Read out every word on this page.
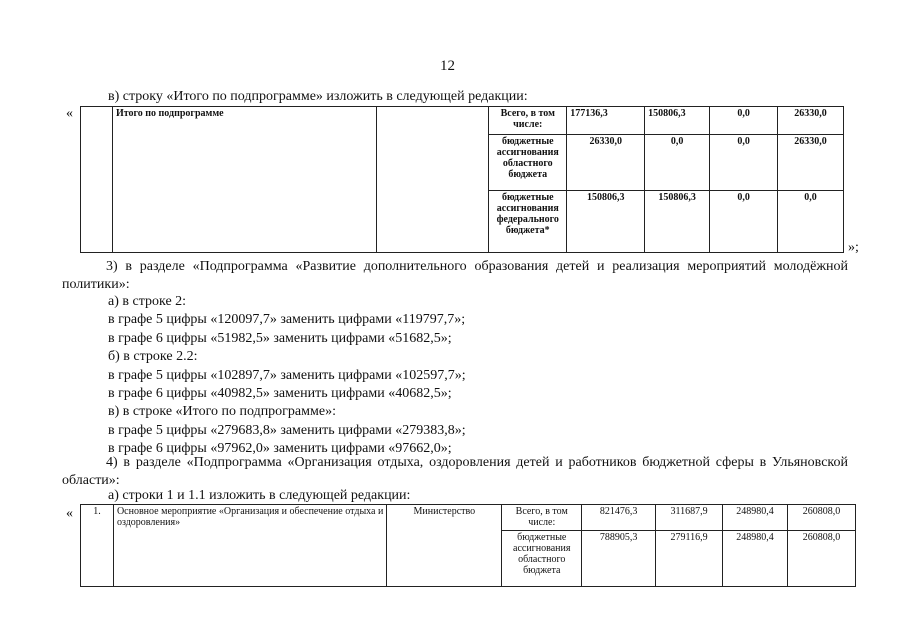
12
в) строку «Итого по подпрограмме» изложить в следующей редакции:
«
		Итого по подпрограмме		Всего, в том числе:	177136,3	150806,3	0,0	26330,0
			бюджетные ассигнования областного бюджета	26330,0	0,0	0,0	26330,0
			бюджетные ассигнования федерального бюджета*	150806,3	150806,3	0,0	0,0
»;
3) в разделе «Подпрограмма «Развитие дополнительного образования детей и реализация мероприятий молодёжной политики»:
а) в строке 2:
в графе 5 цифры «120097,7» заменить цифрами «119797,7»;
в графе 6 цифры «51982,5» заменить цифрами «51682,5»;
б) в строке 2.2:
в графе 5 цифры «102897,7» заменить цифрами «102597,7»;
в графе 6 цифры «40982,5» заменить цифрами «40682,5»;
в) в строке «Итого по подпрограмме»:
в графе 5 цифры «279683,8» заменить цифрами «279383,8»;
в графе 6 цифры «97962,0» заменить цифрами «97662,0»;
4) в разделе «Подпрограмма «Организация отдыха, оздоровления детей и работников бюджетной сферы в Ульяновской области»:
а) строки 1 и 1.1 изложить в следующей редакции:
« 1.	Основное мероприятие «Организация и обеспечение отдыха и оздоровления»	Министерство	Всего, в том числе:	821476,3	311687,9	248980,4	260808,0
			бюджетные ассигнования областного бюджета	788905,3	279116,9	248980,4	260808,0
